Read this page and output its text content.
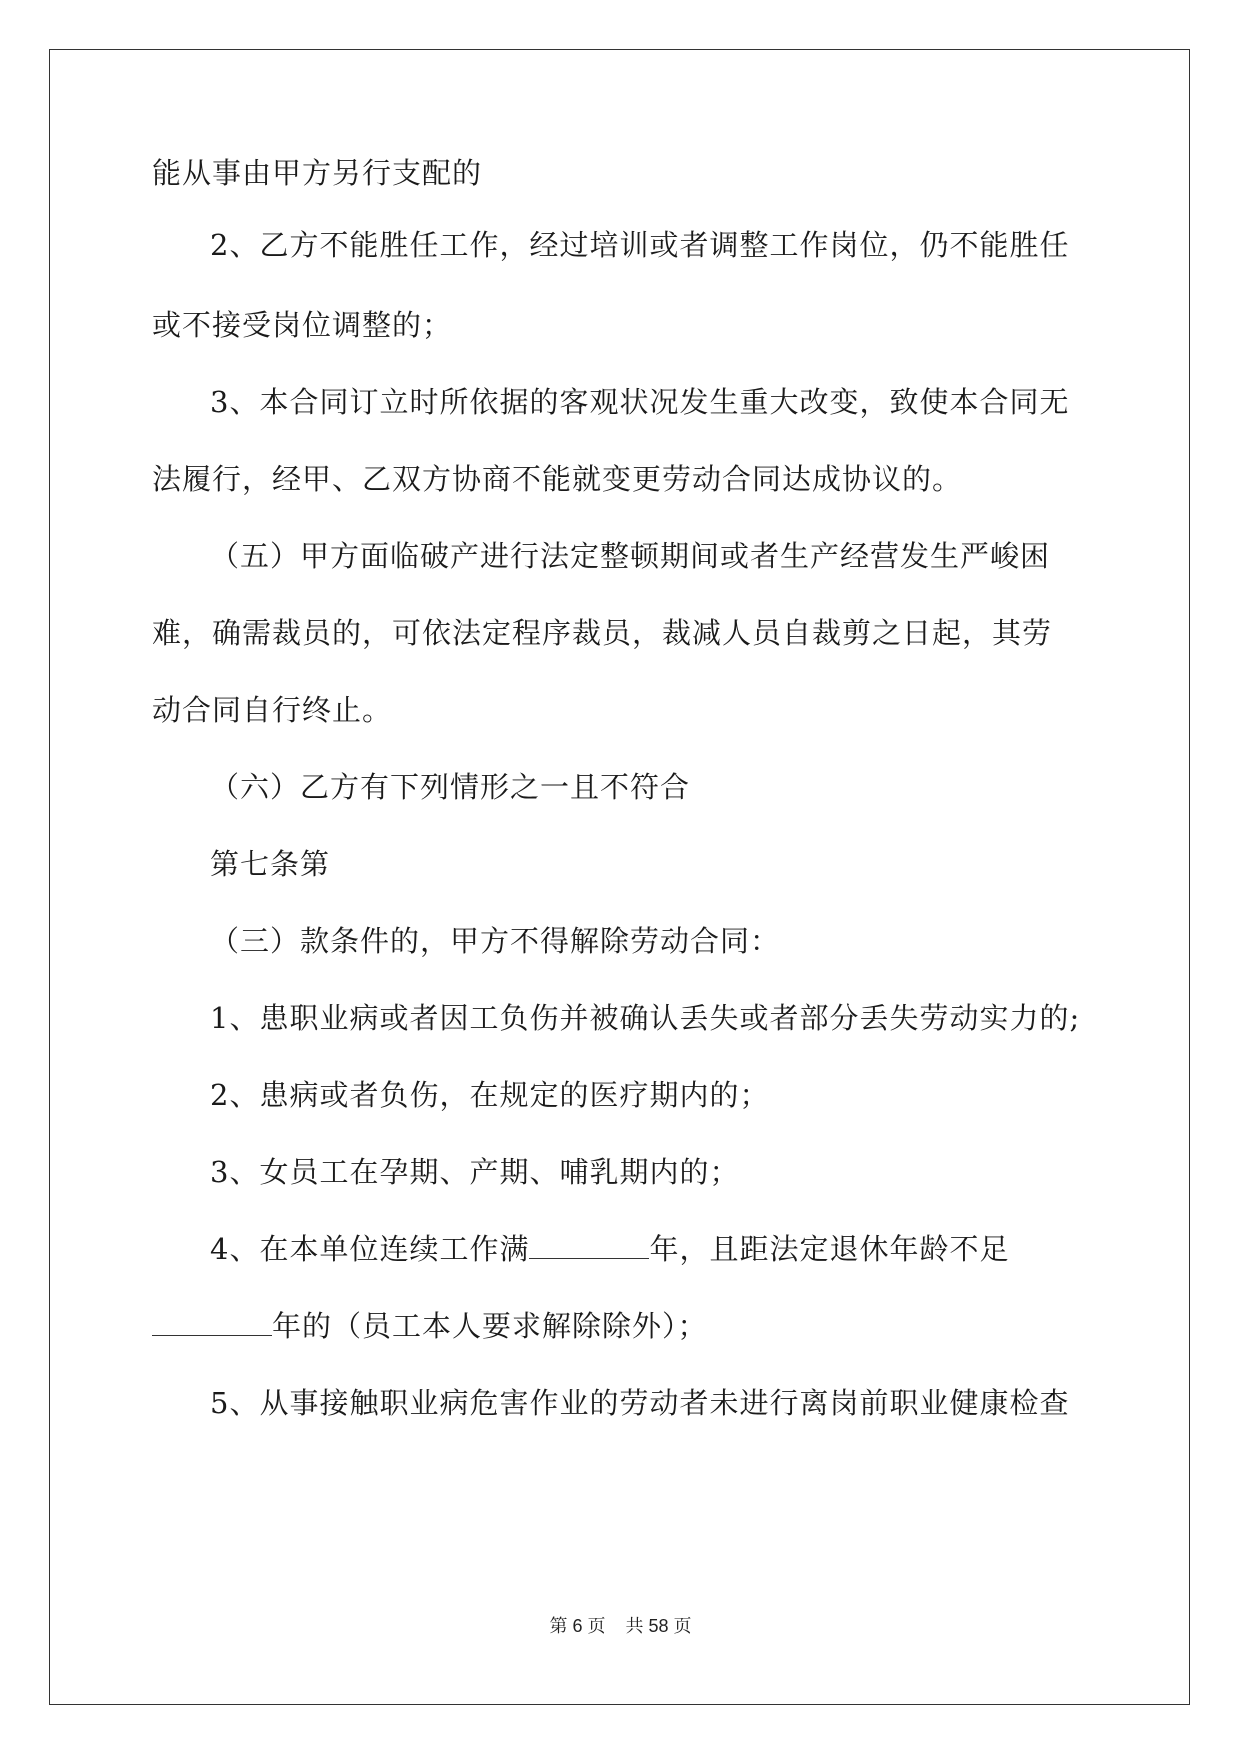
能从事由甲方另行支配的
2、乙方不能胜任工作，经过培训或者调整工作岗位，仍不能胜任
或不接受岗位调整的；
3、本合同订立时所依据的客观状况发生重大改变，致使本合同无
法履行，经甲、乙双方协商不能就变更劳动合同达成协议的。
（五）甲方面临破产进行法定整顿期间或者生产经营发生严峻困
难，确需裁员的，可依法定程序裁员，裁减人员自裁剪之日起，其劳
动合同自行终止。
（六）乙方有下列情形之一且不符合
第七条第
（三）款条件的，甲方不得解除劳动合同：
1、患职业病或者因工负伤并被确认丢失或者部分丢失劳动实力的;
2、患病或者负伤，在规定的医疗期内的；
3、女员工在孕期、产期、哺乳期内的；
4、在本单位连续工作满	年，且距法定退休年龄不足
年的（员工本人要求解除除外）；
5、从事接触职业病危害作业的劳动者未进行离岗前职业健康检查
第 6 页 共 58 页
